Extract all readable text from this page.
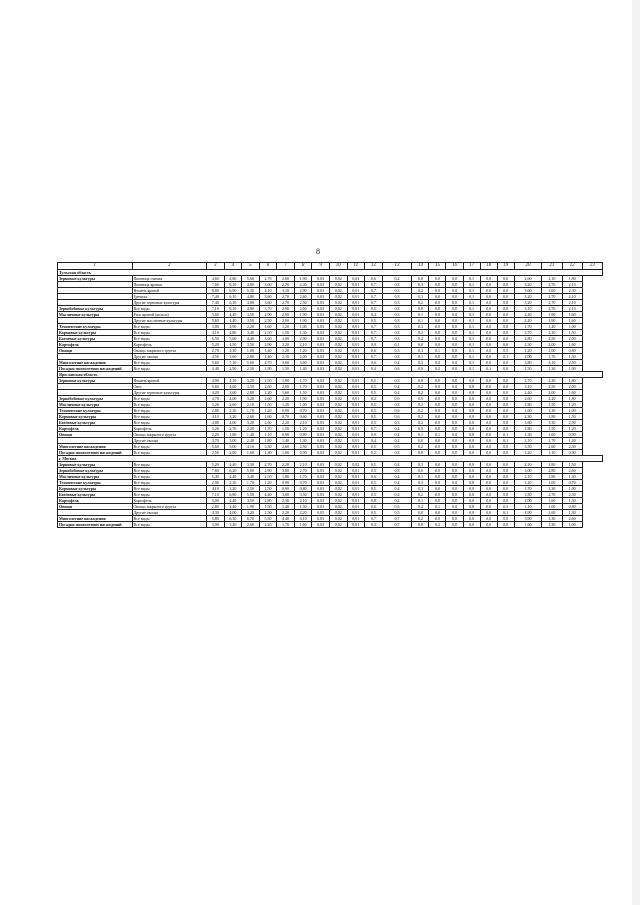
8
1	2	3	4	5	6	7	8	9	10	11	12	13	14	15	16	17	18	19	20	21	22	23
Тульская область																						
Зерновые культуры	Пшеница озимая	4,60	4,80	5,60	2,70	2,00	1,90	0,03	0,02	0,01	0,6	0,2	0,0	0,0	0,0	0,1	0,0	0,0	2,60	2,10	1,80	
	Пшеница яровая	7,60	6,10	4,80	3,60	2,70	2,40	0,03	0,02	0,01	0,7	0,3	0,3	0,0	0,0	0,1	0,0	0,0	3,20	2,70	2,10	
	Ячмень яровой	8,80	6,90	5,30	4,10	3,10	2,90	0,03	0,02	0,01	0,7	0,3	0,2	0,0	0,0	0,1	0,0	0,0	3,60	3,00	2,30	
	Гречиха	7,40	6,10	4,80	3,60	2,70	2,60	0,03	0,02	0,01	0,7	0,3	0,3	0,0	0,0	0,1	0,0	0,0	3,20	2,70	2,10	
	Другие зерновые культуры	7,40	6,10	4,80	3,60	2,70	2,50	0,03	0,02	0,01	0,7	0,3	0,2	0,0	0,0	0,1	0,0	0,0	3,20	2,70	2,10	
Зернобобовые культуры	Все виды	7,10	6,10	4,90	3,70	2,90	2,60	0,03	0,02	0,01	0,5	0,3	0,0	0,0	0,0	0,1	0,0	0,0	3,10	2,70	2,10	
Масличные культуры	Рапс яровой (кольза)	5,60	4,40	3,50	2,90	2,00	1,90	0,03	0,02	0,01	0,4	0,3	0,1	0,0	0,0	0,1	0,0	0,0	2,40	1,90	1,60	
	Другие масличные культуры	5,60	4,40	3,50	2,50	2,00	1,90	0,03	0,02	0,01	0,5	0,3	0,1	0,0	0,0	0,1	0,0	0,0	2,40	1,90	1,60	
Технические культуры	Все виды	3,80	2,90	2,20	1,60	1,20	1,00	0,03	0,02	0,01	0,7	0,3	0,3	0,0	0,0	0,1	0,0	0,0	1,70	1,40	1,00	
Кормовые культуры	Все виды	4,10	4,80	3,40	2,50	1,50	1,30	0,03	0,02	0,01	0,7	0,3	0,2	0,0	0,0	0,1	0,0	0,0	2,70	2,10	1,50	
Бахчевые культуры	Все виды	6,50	5,60	4,40	3,60	3,00	2,90	0,03	0,02	0,01	0,7	0,3	0,2	0,0	0,0	0,1	0,0	0,0	2,80	2,50	2,00	
Картофель	Картофель	5,20	4,50	3,50	2,90	2,20	2,10	0,03	0,02	0,01	0,9	0,1	0,0	0,0	0,0	0,1	0,0	0,0	2,30	2,00	1,60	
Овощи	Овощи закрытого грунта	2,70	2,30	1,80	1,40	1,20	1,20	0,03	0,02	0,01	0,6	0,3	0,3	0,1	0,0	0,1	0,0	0,5	1,20	1,00	0,80	
	Другие овощи	4,50	3,60	2,80	2,40	2,10	2,00	0,03	0,02	0,01	0,7	0,3	0,1	0,0	0,0	0,1	0,0	0,1	2,00	1,70	1,30	
Многолетние насаждения	Все виды	5,60	7,10	5,60	4,70	3,60	3,60	0,03	0,02	0,01	0,6	0,2	0,3	0,0	0,0	0,1	0,0	0,0	3,80	3,10	2,50	
Посадки многолетних насаждений	Все виды	3,40	2,90	2,30	1,90	1,50	1,40	0,03	0,02	0,01	0,4	0,6	0,0	0,2	0,0	0,1	0,1	0,0	1,50	1,30	1,00	
Ярославская область																						
Зерновые культуры	Ячмень яровой	4,90	4,10	3,20	2,50	1,90	1,70	0,03	0,02	0,01	0,5	0,3	0,0	0,0	0,0	0,0	0,0	0,0	2,70	2,30	1,80	
	Овес	5,60	4,60	3,50	2,60	2,00	1,70	0,03	0,02	0,01	0,5	0,4	0,2	0,0	0,0	0,0	0,0	0,0	3,10	2,50	2,00	
	Другие зерновые культуры	4,20	3,60	2,80	2,20	1,60	1,50	0,03	0,02	0,01	0,5	0,4	0,2	0,0	0,0	0,0	0,0	0,0	2,40	2,00	1,60	
Зернобобовые культуры	Все виды	4,70	4,00	3,20	2,60	2,20	1,90	0,03	0,02	0,01	0,2	0,9	0,5	0,0	0,0	0,0	0,0	0,0	2,60	2,20	1,80	
Масличные культуры	Все виды	3,20	2,60	2,10	1,50	1,20	1,00	0,03	0,02	0,01	0,5	0,3	0,2	0,0	0,0	0,0	0,0	0,0	1,80	1,50	1,20	
Технические культуры	Все виды	2,80	2,30	1,70	1,20	0,90	0,70	0,03	0,02	0,01	0,5	0,6	0,2	0,0	0,0	0,0	0,0	0,0	1,60	1,30	1,00	
Кормовые культуры	Все виды	4,10	3,20	2,60	1,60	0,70	0,60	0,03	0,02	0,01	0,5	0,6	0,2	0,0	0,0	0,0	0,0	0,0	2,30	1,80	1,50	
Бахчевые культуры	Все виды	4,80	4,00	3,20	2,60	2,20	2,10	0,03	0,02	0,01	0,5	0,3	0,2	0,0	0,0	0,0	0,0	0,0	3,60	3,30	2,90	
Картофель	Картофель	3,20	2,70	2,20	1,70	1,50	1,20	0,03	0,02	0,01	0,7	0,4	0,5	0,0	0,0	0,0	0,0	0,0	1,80	1,50	1,20	
Овощи	Овощи закрытого грунта	2,20	1,80	1,40	1,10	0,90	0,80	0,03	0,02	0,01	0,9	0,4	0,1	0,1	0,0	0,0	0,0	0,1	1,30	1,00	0,90	
	Другие овощи	3,70	3,00	2,40	1,80	1,40	1,30	0,03	0,02	0,01	0,4	0,2	0,0	0,0	0,0	0,0	0,0	0,1	2,10	1,70	1,40	
Многолетние насаждения	Все виды	5,60	5,00	4,10	3,30	2,60	2,50	0,03	0,02	0,01	0,5	0,5	0,2	0,0	0,0	0,0	0,0	0,0	3,30	2,60	2,30	
Посадки многолетних насаждений	Все виды	2,50	2,00	1,60	1,30	1,00	0,90	0,03	0,02	0,01	0,2	0,3	0,0	0,0	0,0	0,0	0,0	0,0	1,20	1,10	0,90	
г. Москва																						
Зерновые культуры	Все виды	5,20	4,40	3,30	2,70	2,20	2,10	0,03	0,02	0,02	0,5	0,4	0,3	0,0	0,0	0,0	0,0	0,0	2,10	1,80	1,50	
Зернобобовые культуры	Все виды	7,60	6,20	5,00	2,90	3,00	2,70	0,03	0,02	0,01	0,5	0,8	0,0	0,0	0,0	0,0	0,0	0,0	3,00	2,80	2,60	
Масличные культуры	Все виды	5,40	4,40	3,40	2,50	1,80	1,70	0,03	0,02	0,01	0,6	0,4	0,1	0,0	0,0	0,0	0,0	0,0	2,10	1,80	1,40	
Технические культуры	Все виды	2,90	2,30	1,70	1,20	0,90	0,70	0,03	0,02	0,01	0,5	0,4	0,3	0,0	0,0	0,0	0,0	0,0	1,20	1,00	0,70	
Кормовые культуры	Все виды	4,10	3,20	2,50	1,50	0,90	0,80	0,03	0,02	0,01	0,5	0,4	0,3	0,0	0,0	0,0	0,0	0,0	1,70	1,30	1,00	
Бахчевые культуры	Все виды	7,10	6,80	5,50	4,40	3,60	3,50	0,03	0,02	0,01	0,5	0,4	0,2	0,0	0,0	0,0	0,0	0,0	3,30	2,70	2,30	
Картофель	Картофель	5,00	4,40	3,50	2,80	2,30	2,10	0,03	0,02	0,01	0,8	0,2	0,1	0,0	0,0	0,0	0,0	0,0	2,00	1,60	1,30	
Овощи	Овощи закрытого грунта	2,80	2,40	1,90	1,50	1,40	1,30	0,03	0,02	0,01	0,6	0,6	0,2	0,1	0,0	0,0	0,0	0,5	1,10	1,00	0,80	
	Другие овощи	4,30	4,00	3,20	2,50	2,20	2,20	0,05	0,02	0,01	0,5	0,5	0,0	0,0	0,0	0,0	0,0	0,1	1,90	1,60	1,30	
Многолетние насаждения	Все виды	5,80	6,30	6,70	5,50	4,40	4,10	0,03	0,02	0,01	0,7	0,7	0,2	0,0	0,0	0,0	0,0	0,0	3,90	3,30	2,60	
Посадки многолетних насаждений	Все виды	3,90	3,20	2,60	2,20	1,70	1,60	0,03	0,02	0,01	0,3	0,7	0,0	0,2	0,0	0,0	0,0	0,0	1,60	1,30	1,00	
